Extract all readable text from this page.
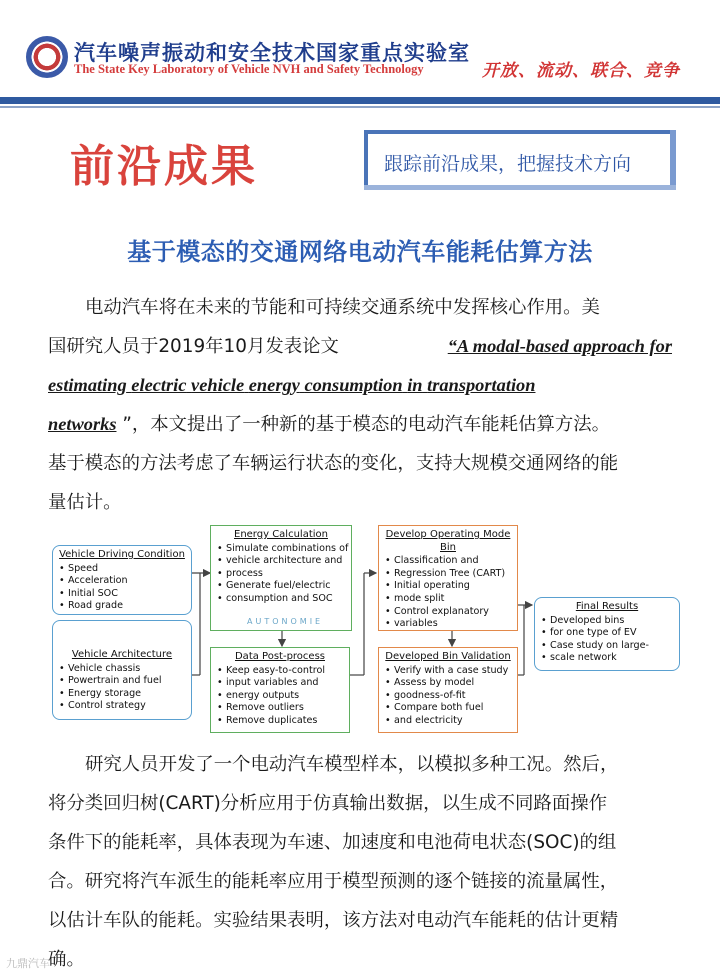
汽车噪声振动和安全技术国家重点实验室
The State Key Laboratory of Vehicle NVH and Safety Technology	开放、流动、联合、竞争
前沿成果	跟踪前沿成果，把握技术方向
基于模态的交通网络电动汽车能耗估算方法
电动汽车将在未来的节能和可持续交通系统中发挥核心作用。美
国研究人员于2019年10月发表论文	“A modal-based approach for
estimating electric vehicle energy consumption in transportation
networks ”，本文提出了一种新的基于模态的电动汽车能耗估算方法。
基于模态的方法考虑了车辆运行状态的变化，支持大规模交通网络的能
量估计。
Vehicle Driving Condition
• Speed
• Acceleration
• Initial SOC
• Road grade
Vehicle Architecture
• Vehicle chassis
• Powertrain and fuel
• Energy storage
• Control strategy
Energy Calculation
• Simulate combinations of
• vehicle architecture and
• process
• Generate fuel/electric
• consumption and SOC
AUTONOMIE
Data Post-process
• Keep easy-to-control
• input variables and
• energy outputs
• Remove outliers
• Remove duplicates
Develop Operating Mode Bin
• Classification and
• Regression Tree (CART)
• Initial operating
• mode split
• Control explanatory
• variables
Developed Bin Validation
• Verify with a case study
• Assess by model
• goodness-of-fit
• Compare both fuel
• and electricity
Final Results
• Developed bins
• for one type of EV
• Case study on large-
• scale network
研究人员开发了一个电动汽车模型样本，以模拟多种工况。然后，
将分类回归树(CART)分析应用于仿真输出数据，以生成不同路面操作
条件下的能耗率，具体表现为车速、加速度和电池荷电状态(SOC)的组
合。研究将汽车派生的能耗率应用于模型预测的逐个链接的流量属性，
以估计车队的能耗。实验结果表明，该方法对电动汽车能耗的估计更精
确。
九鼎汽车
